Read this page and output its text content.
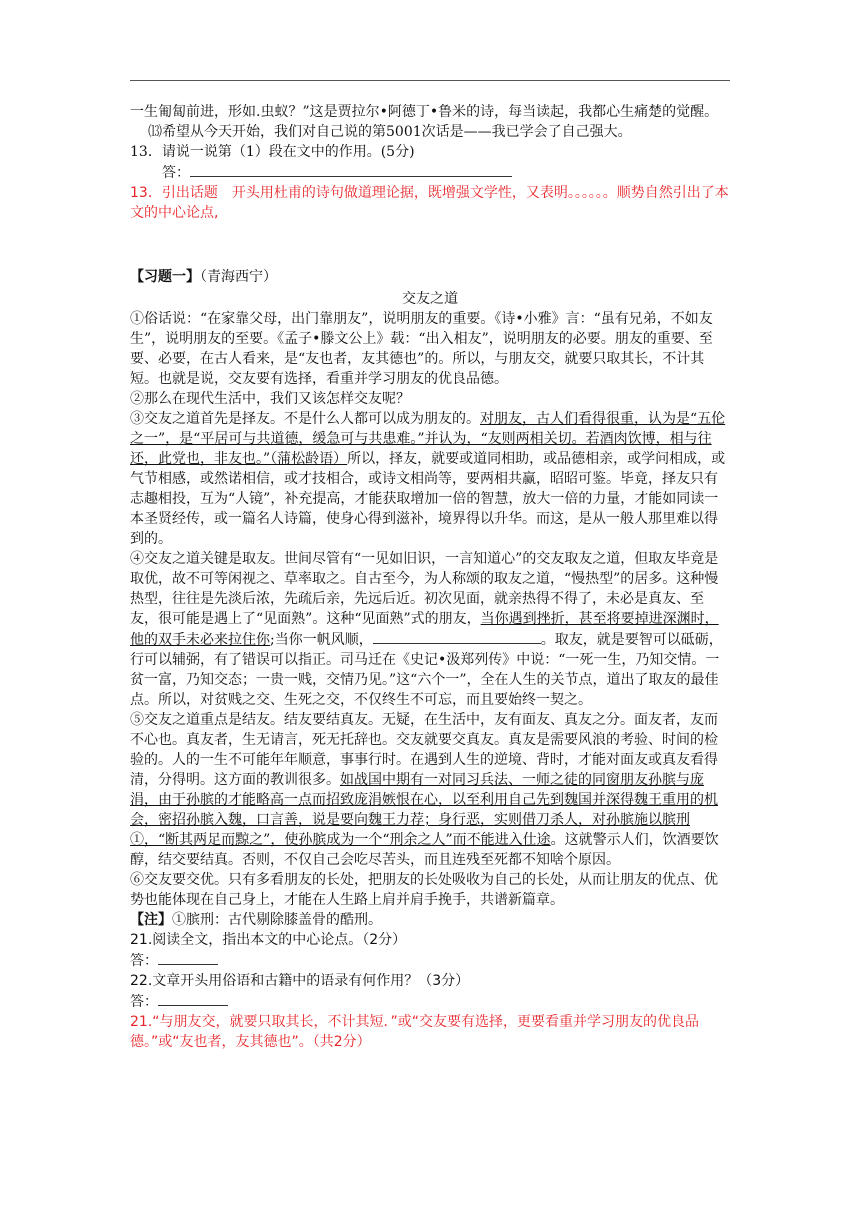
一生匍匐前进，形如.虫蚁？”这是贾拉尔•阿德丁•鲁米的诗，每当读起，我都心生痛楚的觉醒。

⒀希望从今天开始，我们对自己说的第5001次话是——我已学会了自己强大。

13．请说一说第（1）段在文中的作用。(5分)

答：

13．引出话题　开头用杜甫的诗句做道理论据，既增强文学性，又表明。。。。。。顺势自然引出了本文的中心论点,

【习题一】（青海西宁）

交友之道

①俗话说：“在家靠父母，出门靠朋友”，说明朋友的重要。《诗•小雅》言：“虽有兄弟，不如友生”，说明朋友的至要。《孟子•滕文公上》载：“出入相友”，说明朋友的必要。朋友的重要、至要、必要，在古人看来，是“友也者，友其德也”的。所以，与朋友交，就要只取其长，不计其短。也就是说，交友要有选择，看重并学习朋友的优良品德。

②那么在现代生活中，我们又该怎样交友呢？

③交友之道首先是择友。不是什么人都可以成为朋友的。对朋友，古人们看得很重，认为是“五伦之一”，是“平居可与共道德，缓急可与共患难。”并认为，“友则两相关切。若酒肉饮博，相与往还，此党也，非友也。”（蒲松龄语）所以，择友，就要或道同相助，或品德相亲，或学问相成，或气节相感，或然诺相信，或才技相合，或诗文相尚等，要两相共赢，昭昭可鉴。毕竟，择友只有志趣相投，互为“人镜”，补充提高，才能获取增加一倍的智慧，放大一倍的力量，才能如同读一本圣贤经传，或一篇名人诗篇，使身心得到滋补，境界得以升华。而这，是从一般人那里难以得到的。

④交友之道关键是取友。世间尽管有“一见如旧识，一言知道心”的交友取友之道，但取友毕竟是取优，故不可等闲视之、草率取之。自古至今，为人称颂的取友之道，“慢热型”的居多。这种慢热型，往往是先淡后浓，先疏后亲，先远后近。初次见面，就亲热得不得了，未必是真友、至友，很可能是遇上了“见面熟”。这种“见面熟”式的朋友，当你遇到挫折，甚至将要掉进深渊时，他的双手未必来拉住你;当你一帆风顺，	。取友，就是要智可以砥砺，行可以辅弼，有了错误可以指正。司马迁在《史记•汲郑列传》中说：“一死一生，乃知交情。一贫一富，乃知交态；一贵一贱，交情乃见。”这“六个一”，全在人生的关节点，道出了取友的最佳点。所以，对贫贱之交、生死之交，不仅终生不可忘，而且要始终一契之。

⑤交友之道重点是结友。结友要结真友。无疑，在生活中，友有面友、真友之分。面友者，友而不心也。真友者，生无请言，死无托辞也。交友就要交真友。真友是需要风浪的考验、时间的检验的。人的一生不可能年年顺意，事事行时。在遇到人生的逆境、背时，才能对面友或真友看得清，分得明。这方面的教训很多。如战国中期有一对同习兵法、一师之徒的同窗朋友孙膑与庞涓，由于孙膑的才能略高一点而招致庞涓嫉恨在心，以至利用自己先到魏国并深得魏王重用的机会，密招孙膑入魏，口言善，说是要向魏王力荐；身行恶，实则借刀杀人，对孙膑施以膑刑①，“断其两足而黥之”，使孙膑成为一个“刑余之人”而不能进入仕途。这就警示人们，饮酒要饮醇，结交要结真。否则，不仅自己会吃尽苦头，而且连残至死都不知啥个原因。

⑥交友要交优。只有多看朋友的长处，把朋友的长处吸收为自己的长处，从而让朋友的优点、优势也能体现在自己身上，才能在人生路上肩并肩手挽手，共谱新篇章。

【注】①膑刑：古代剔除膝盖骨的酷刑。

21.阅读全文，指出本文的中心论点。（2分）

答：

22.文章开头用俗语和古籍中的语录有何作用？（3分）

答：

21.“与朋友交，就要只取其长，不计其短．”或“交友要有选择，更要看重并学习朋友的优良品德。”或“友也者，友其德也”。（共2分）
